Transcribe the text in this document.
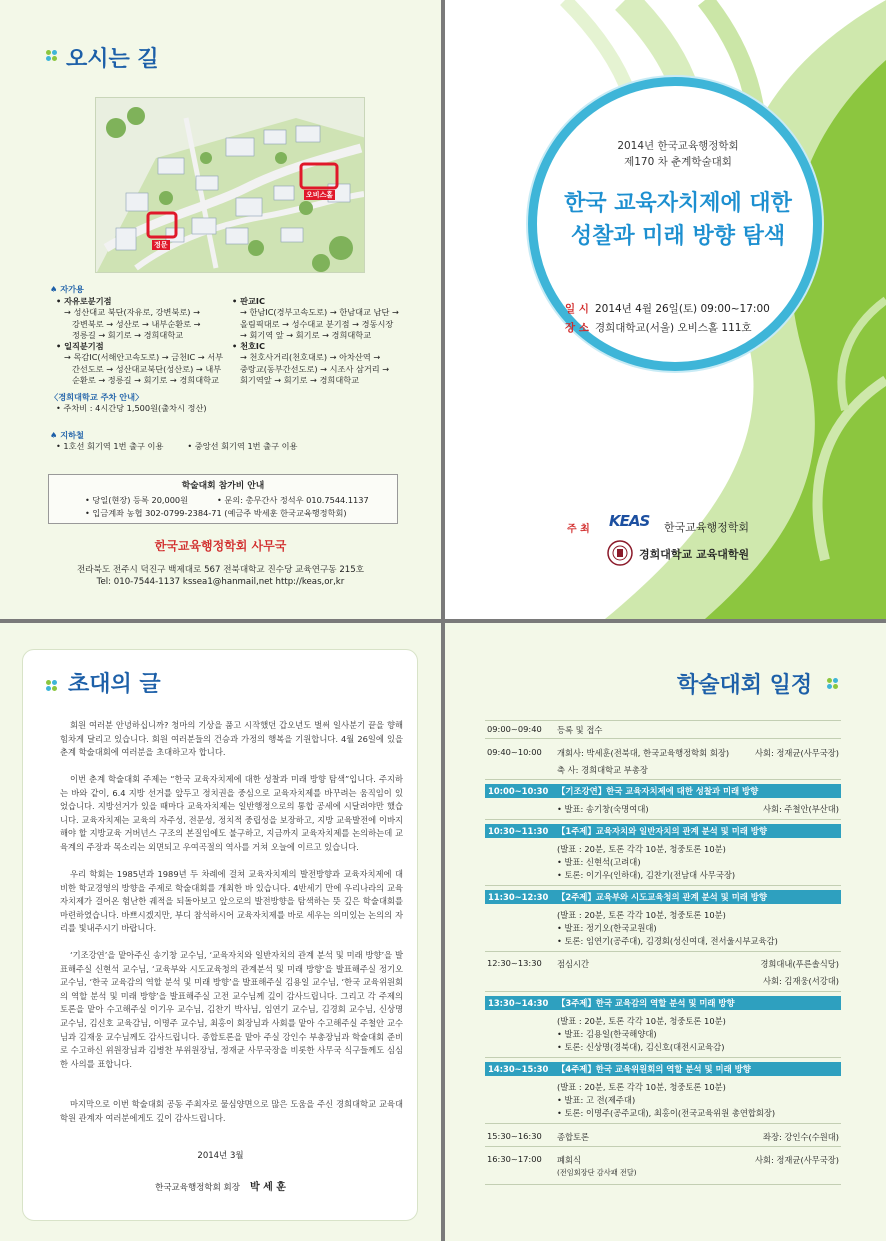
오시는 길
정문
오비스홀
♠ 자가용
• 자유로분기점
→ 성산대교 북단(자유로, 강변북로) →
강변북로 → 성산로 → 내부순환로 →
정릉길 → 회기로 → 경희대학교
• 일직분기점
→ 목감IC(서해안고속도로) → 금천IC → 서부
간선도로 → 성산대교북단(성산로) → 내부
순환로 → 정릉길 → 회기로 → 경희대학교
• 판교IC
→ 한남IC(경부고속도로) → 한남대교 남단 →
올림픽대로 → 성수대교 분기점 → 경동시장
→ 회기역 앞 → 회기로 → 경희대학교
• 천호IC
→ 천호사거리(천호대로) → 아차산역 →
중랑교(동부간선도로) → 시조사 삼거리 →
회기역앞 → 회기로 → 경희대학교
〈경희대학교 주차 안내〉
• 주차비 : 4시간당 1,500원(출차시 정산)
♠ 지하철
• 1호선 회기역 1번 출구 이용	• 중앙선 회기역 1번 출구 이용
학술대회 참가비 안내
• 당일(현장) 등록 20,000원	• 문의: 총무간사 정석우 010.7544.1137
• 입금계좌 농협 302-0799-2384-71 (예금주 박세훈 한국교육행정학회)
한국교육행정학회 사무국
전라북도 전주시 덕진구 백제대로 567 전북대학교 진수당 교육연구동 215호
Tel: 010-7544-1137 kssea1@hanmail,net http://keas,or,kr
2014년 한국교육행정학회
제170 차 춘계학술대회
한국 교육자치제에 대한
성찰과 미래 방향 탐색
일 시 2014년 4월 26일(토) 09:00~17:00
장 소 경희대학교(서울) 오비스홀 111호
주 최 KEAS 한국교육행정학회
경희대학교 교육대학원
초대의 글
회원 여러분 안녕하십니까? 청마의 기상을 품고 시작했던 갑오년도 벌써 일사분기 끝을 향해 힘차게 달리고 있습니다. 회원 여러분들의 건승과 가정의 행복을 기원합니다. 4월 26일에 있을 춘계 학술대회에 여러분을 초대하고자 합니다.
이번 춘계 학술대회 주제는 “한국 교육자치제에 대한 성찰과 미래 방향 탐색”입니다. 주지하는 바와 같이, 6.4 지방 선거를 앞두고 정치권을 중심으로 교육자치제를 바꾸려는 움직임이 있었습니다. 지방선거가 있을 때마다 교육자치제는 일반행정으로의 통합 공세에 시달려야만 했습니다. 교육자치제는 교육의 자주성, 전문성, 정치적 중립성을 보장하고, 지방 교육발전에 이바지해야 할 지방교육 거버넌스 구조의 본질임에도 불구하고, 지금까지 교육자치제를 논의하는데 교육계의 주장과 목소리는 외면되고 우여곡절의 역사를 거쳐 오늘에 이르고 있습니다.
우리 학회는 1985년과 1989년 두 차례에 걸쳐 교육자치제의 발전방향과 교육자치제에 대비한 학교경영의 방향을 주제로 학술대회를 개최한 바 있습니다. 4반세기 만에 우리나라의 교육자치제가 걸어온 험난한 궤적을 되돌아보고 앞으로의 발전방향을 탐색하는 뜻 깊은 학술대회를 마련하였습니다. 바쁘시겠지만, 부디 참석하시어 교육자치제를 바로 세우는 의미있는 논의의 자리를 빛내주시기 바랍니다.
‘기조강연’을 맡아주신 송기창 교수님, ‘교육자치와 일반자치의 관계 분석 및 미래 방향’을 발표해주실 신현석 교수님, ‘교육부와 시도교육청의 관계분석 및 미래 방향’을 발표해주실 정기오 교수님, ‘한국 교육감의 역할 분석 및 미래 방향’을 발표해주실 김용일 교수님, ‘한국 교육위원회의 역할 분석 및 미래 방향’을 발표해주실 고전 교수님께 깊이 감사드립니다. 그리고 각 주제의 토론을 맡아 수고해주실 이기우 교수님, 김찬기 박사님, 임연기 교수님, 김경회 교수님, 신상명 교수님, 김신호 교육감님, 이명주 교수님, 최홍이 회장님과 사회를 맡아 수고해주실 주철안 교수님과 김재웅 교수님께도 감사드립니다. 종합토론을 맡아 주실 강인수 부총장님과 학술대회 준비로 수고하신 위원장님과 김병찬 부위원장님, 정재균 사무국장을 비롯한 사무국 식구들께도 심심한 사의를 표합니다.
마지막으로 이번 학술대회 공동 주최자로 물심양면으로 많은 도움을 주신 경희대학교 교육대학원 관계자 여러분에게도 깊이 감사드립니다.
2014년 3월
한국교육행정학회 회장 박 세 훈
학술대회 일정
09:00~09:40 등록 및 접수
09:40~10:00 개회사: 박세훈(전북대, 한국교육행정학회 회장)	사회: 정재균(사무국장)
축 사: 경희대학교 부총장
10:00~10:30 【기조강연】한국 교육자치제에 대한 성찰과 미래 방향
• 발표: 송기창(숙명여대)	사회: 주철안(부산대)
10:30~11:30 【1주제】교육자치와 일반자치의 관계 분석 및 미래 방향
(발표 : 20분, 토론 각각 10분, 청중토론 10분)
• 발표: 신현석(고려대)
• 토론: 이기우(인하대), 김찬기(전남대 사무국장)
11:30~12:30 【2주제】교육부와 시도교육청의 관계 분석 및 미래 방향
(발표 : 20분, 토론 각각 10분, 청중토론 10분)
• 발표: 정기오(한국교원대)
• 토론: 임연기(공주대), 김경회(성신여대, 전서울시부교육감)
12:30~13:30 점심시간	경희대내(푸른솔식당)
사회: 김재웅(서강대)
13:30~14:30 【3주제】한국 교육감의 역할 분석 및 미래 방향
(발표 : 20분, 토론 각각 10분, 청중토론 10분)
• 발표: 김용일(한국해양대)
• 토론: 신상명(경북대), 김신호(대전시교육감)
14:30~15:30 【4주제】한국 교육위원회의 역할 분석 및 미래 방향
(발표 : 20분, 토론 각각 10분, 청중토론 10분)
• 발표: 고 전(제주대)
• 토론: 이명주(공주교대), 최홍이(전국교육위원 총연합회장)
15:30~16:30 종합토론	좌장: 강인수(수원대)
16:30~17:00 폐회식	사회: 정재균(사무국장)
(전임회장단 감사패 전달)
